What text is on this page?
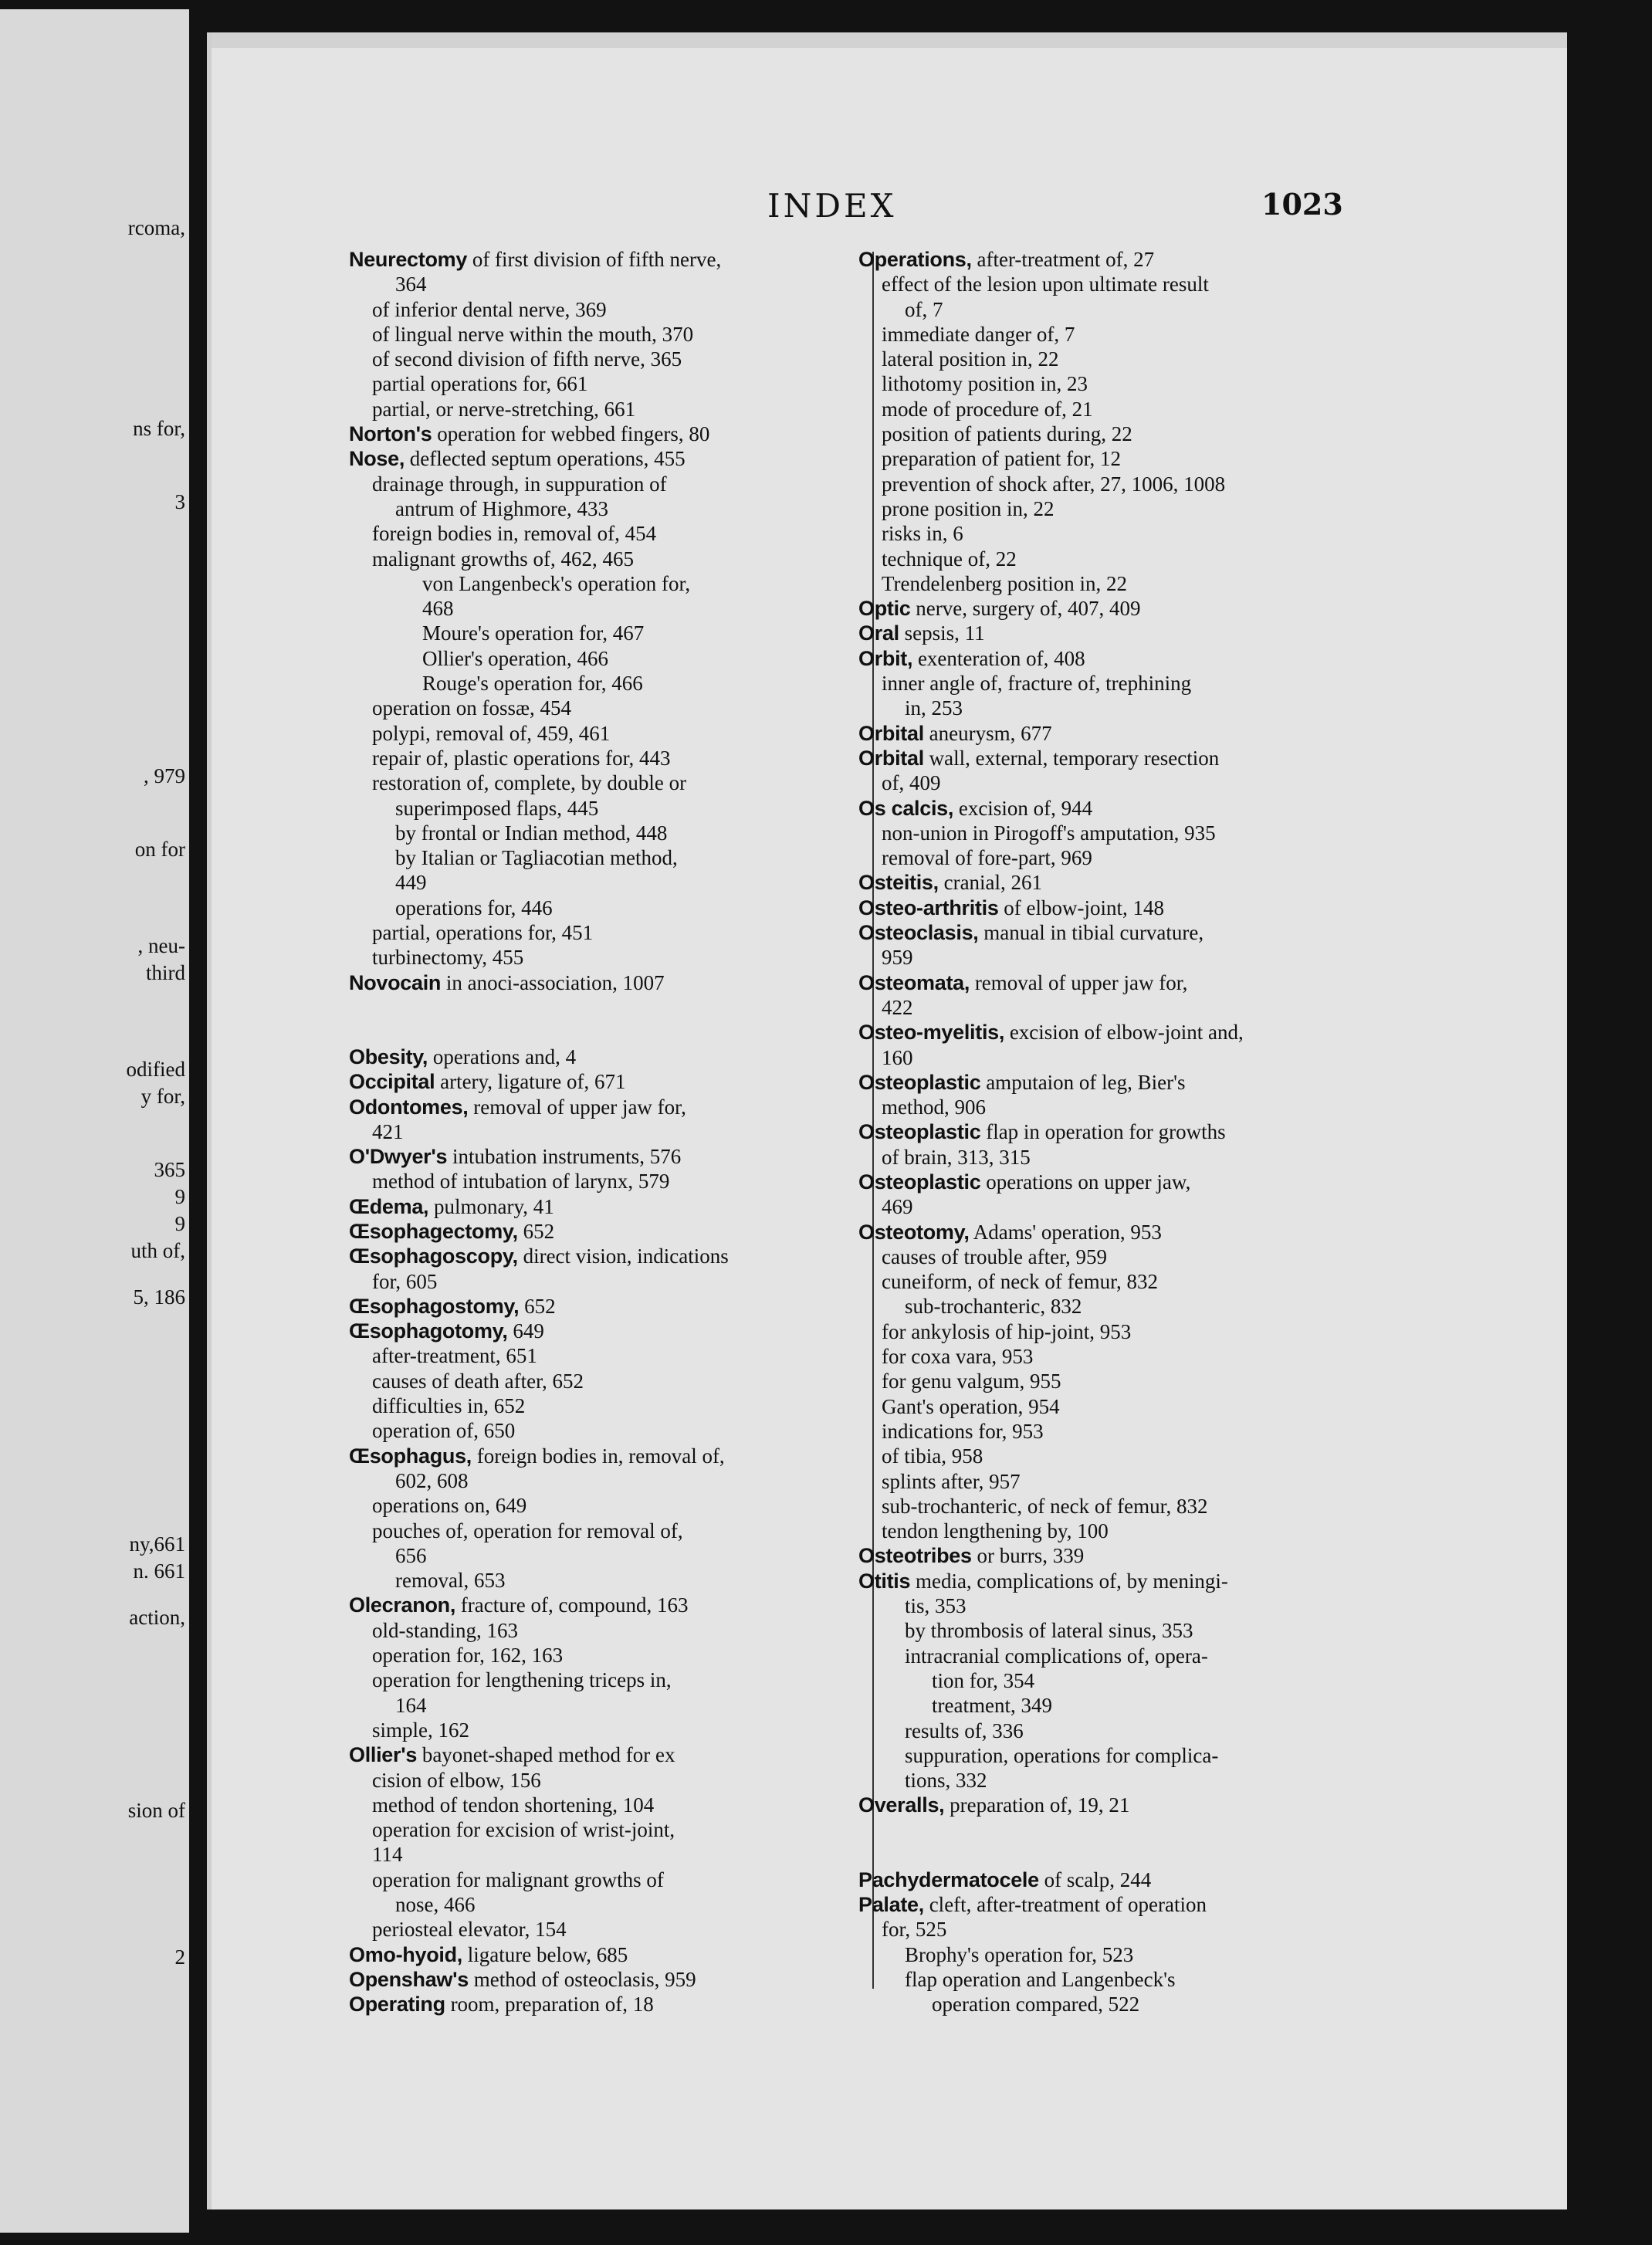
rcoma,
ns for,
3
, 979
on for
, neu-
third
odified
y for,
365
9
9
uth of,
5, 186
ny,661
n. 661
action,
sion of
2
INDEX	1023
Neurectomy of first division of fifth nerve,
364
of inferior dental nerve, 369
of lingual nerve within the mouth, 370
of second division of fifth nerve, 365
partial operations for, 661
partial, or nerve-stretching, 661
Norton's operation for webbed fingers, 80
Nose, deflected septum operations, 455
drainage through, in suppuration of
antrum of Highmore, 433
foreign bodies in, removal of, 454
malignant growths of, 462, 465
von Langenbeck's operation for,
468
Moure's operation for, 467
Ollier's operation, 466
Rouge's operation for, 466
operation on fossæ, 454
polypi, removal of, 459, 461
repair of, plastic operations for, 443
restoration of, complete, by double or
superimposed flaps, 445
by frontal or Indian method, 448
by Italian or Tagliacotian method,
449
operations for, 446
partial, operations for, 451
turbinectomy, 455
Novocain in anoci-association, 1007
Obesity, operations and, 4
Occipital artery, ligature of, 671
Odontomes, removal of upper jaw for,
421
O'Dwyer's intubation instruments, 576
method of intubation of larynx, 579
Œdema, pulmonary, 41
Œsophagectomy, 652
Œsophagoscopy, direct vision, indications
for, 605
Œsophagostomy, 652
Œsophagotomy, 649
after-treatment, 651
causes of death after, 652
difficulties in, 652
operation of, 650
Œsophagus, foreign bodies in, removal of,
602, 608
operations on, 649
pouches of, operation for removal of,
656
removal, 653
Olecranon, fracture of, compound, 163
old-standing, 163
operation for, 162, 163
operation for lengthening triceps in,
164
simple, 162
Ollier's bayonet-shaped method for ex
cision of elbow, 156
method of tendon shortening, 104
operation for excision of wrist-joint,
114
operation for malignant growths of
nose, 466
periosteal elevator, 154
Omo-hyoid, ligature below, 685
Openshaw's method of osteoclasis, 959
Operating room, preparation of, 18
Operations, after-treatment of, 27
effect of the lesion upon ultimate result
of, 7
immediate danger of, 7
lateral position in, 22
lithotomy position in, 23
mode of procedure of, 21
position of patients during, 22
preparation of patient for, 12
prevention of shock after, 27, 1006, 1008
prone position in, 22
risks in, 6
technique of, 22
Trendelenberg position in, 22
Optic nerve, surgery of, 407, 409
Oral sepsis, 11
Orbit, exenteration of, 408
inner angle of, fracture of, trephining
in, 253
Orbital aneurysm, 677
Orbital wall, external, temporary resection
of, 409
Os calcis, excision of, 944
non-union in Pirogoff's amputation, 935
removal of fore-part, 969
Osteitis, cranial, 261
Osteo-arthritis of elbow-joint, 148
Osteoclasis, manual in tibial curvature,
959
Osteomata, removal of upper jaw for,
422
Osteo-myelitis, excision of elbow-joint and,
160
Osteoplastic amputaion of leg, Bier's
method, 906
Osteoplastic flap in operation for growths
of brain, 313, 315
Osteoplastic operations on upper jaw,
469
Osteotomy, Adams' operation, 953
causes of trouble after, 959
cuneiform, of neck of femur, 832
sub-trochanteric, 832
for ankylosis of hip-joint, 953
for coxa vara, 953
for genu valgum, 955
Gant's operation, 954
indications for, 953
of tibia, 958
splints after, 957
sub-trochanteric, of neck of femur, 832
tendon lengthening by, 100
Osteotribes or burrs, 339
Otitis media, complications of, by meningi-
tis, 353
by thrombosis of lateral sinus, 353
intracranial complications of, opera-
tion for, 354
treatment, 349
results of, 336
suppuration, operations for complica-
tions, 332
Overalls, preparation of, 19, 21
Pachydermatocele of scalp, 244
Palate, cleft, after-treatment of operation
for, 525
Brophy's operation for, 523
flap operation and Langenbeck's
operation compared, 522
